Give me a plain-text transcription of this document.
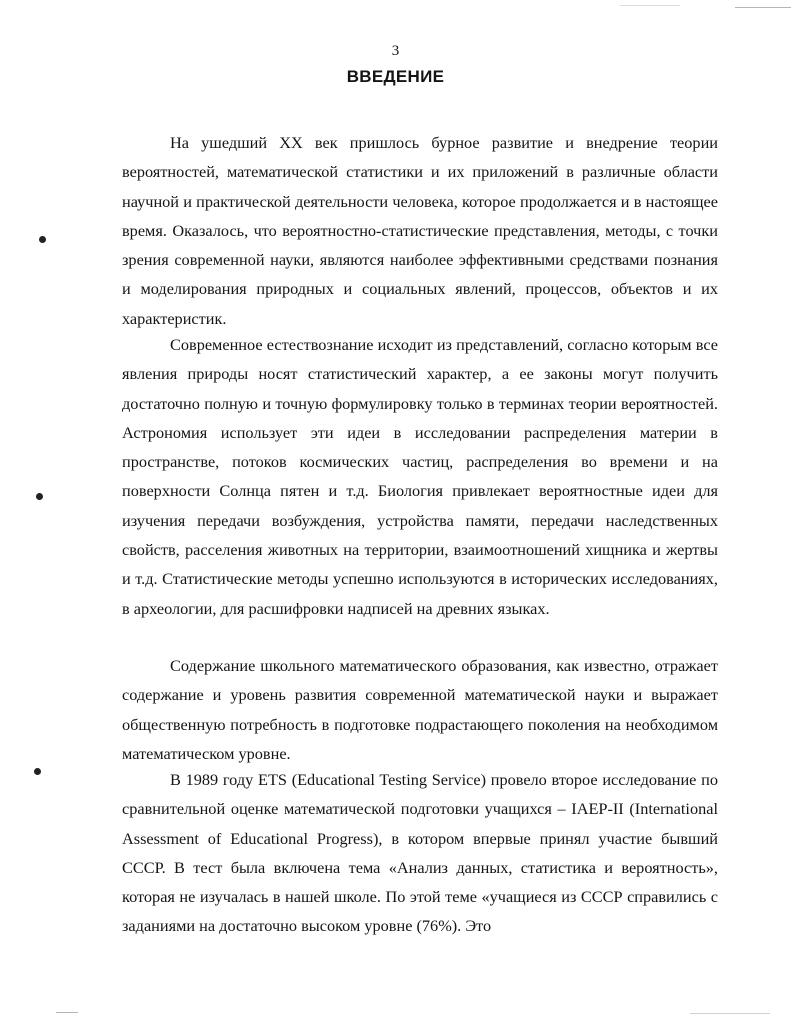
3
ВВЕДЕНИЕ

На ушедший XX век пришлось бурное развитие и внедрение теории вероятностей, математической статистики и их приложений в различные области научной и практической деятельности человека, которое продолжается и в настоящее время. Оказалось, что вероятностно-статистические представления, методы, с точки зрения современной науки, являются наиболее эффективными средствами познания и моделирования природных и социальных явлений, процессов, объектов и их характеристик.

Современное естествознание исходит из представлений, согласно которым все явления природы носят статистический характер, а ее законы могут получить достаточно полную и точную формулировку только в терминах теории вероятностей. Астрономия использует эти идеи в исследовании распределения материи в пространстве, потоков космических частиц, распределения во времени и на поверхности Солнца пятен и т.д. Биология привлекает вероятностные идеи для изучения передачи возбуждения, устройства памяти, передачи наследственных свойств, расселения животных на территории, взаимоотношений хищника и жертвы и т.д. Статистические методы успешно используются в исторических исследованиях, в археологии, для расшифровки надписей на древних языках.

Содержание школьного математического образования, как известно, отражает содержание и уровень развития современной математической науки и выражает общественную потребность в подготовке подрастающего поколения на необходимом математическом уровне.

В 1989 году ETS (Educational Testing Service) провело второе исследование по сравнительной оценке математической подготовки учащихся – IAEP-II (International Assessment of Educational Progress), в котором впервые принял участие бывший СССР. В тест была включена тема «Анализ данных, статистика и вероятность», которая не изучалась в нашей школе. По этой теме «учащиеся из СССР справились с заданиями на достаточно высоком уровне (76%). Это
